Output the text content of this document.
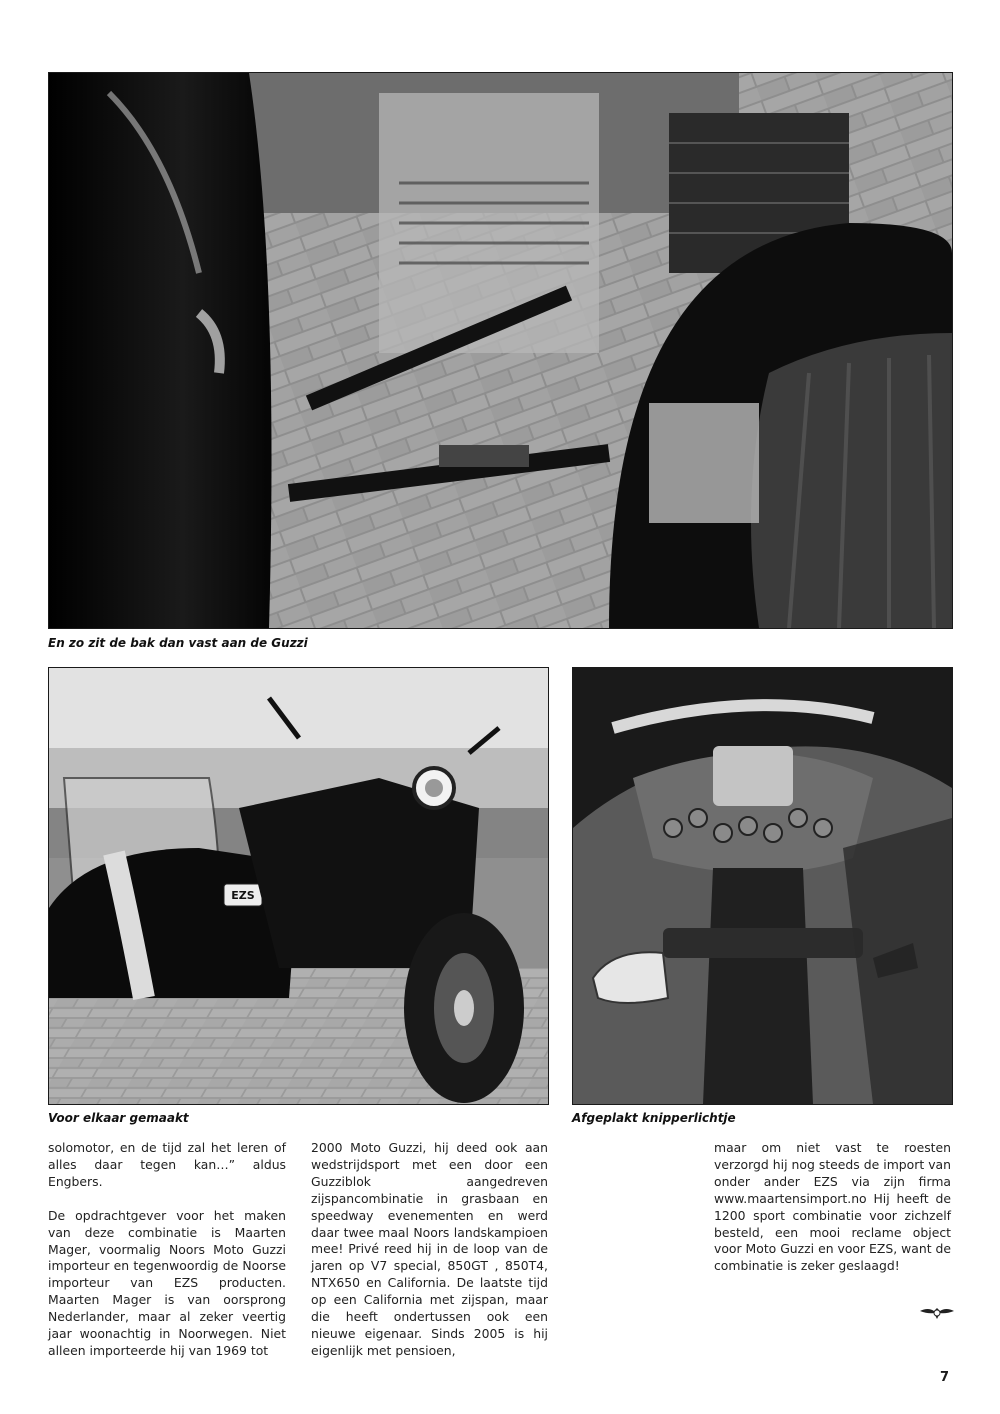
En zo zit de bak dan vast aan de Guzzi
EZS
Voor elkaar gemaakt	Afgeplakt knipperlichtje

solomotor, en de tijd zal het leren of alles daar tegen kan…” aldus Engbers.

De opdrachtgever voor het maken van deze combinatie is Maarten Mager, voormalig Noors Moto Guzzi importeur en tegenwoordig de Noorse importeur van EZS producten. Maarten Mager is van oorsprong Nederlander, maar al zeker veertig jaar woonachtig in Noorwegen. Niet alleen importeerde hij van 1969 tot

2000 Moto Guzzi, hij deed ook aan wedstrijdsport met een door een Guzziblok aangedreven zijspancombinatie in grasbaan en speedway evenementen en werd daar twee maal Noors landskampioen mee! Privé reed hij in de loop van de jaren op V7 special, 850GT , 850T4, NTX650 en California. De laatste tijd op een California met zijspan, maar die heeft ondertussen ook een nieuwe eigenaar. Sinds 2005 is hij eigenlijk met pensioen,

maar om niet vast te roesten verzorgd hij nog steeds de import van onder ander EZS via zijn firma www.maartensimport.no Hij heeft de 1200 sport combinatie voor zichzelf besteld, een mooi reclame object voor Moto Guzzi en voor EZS, want de combinatie is zeker geslaagd!

7
